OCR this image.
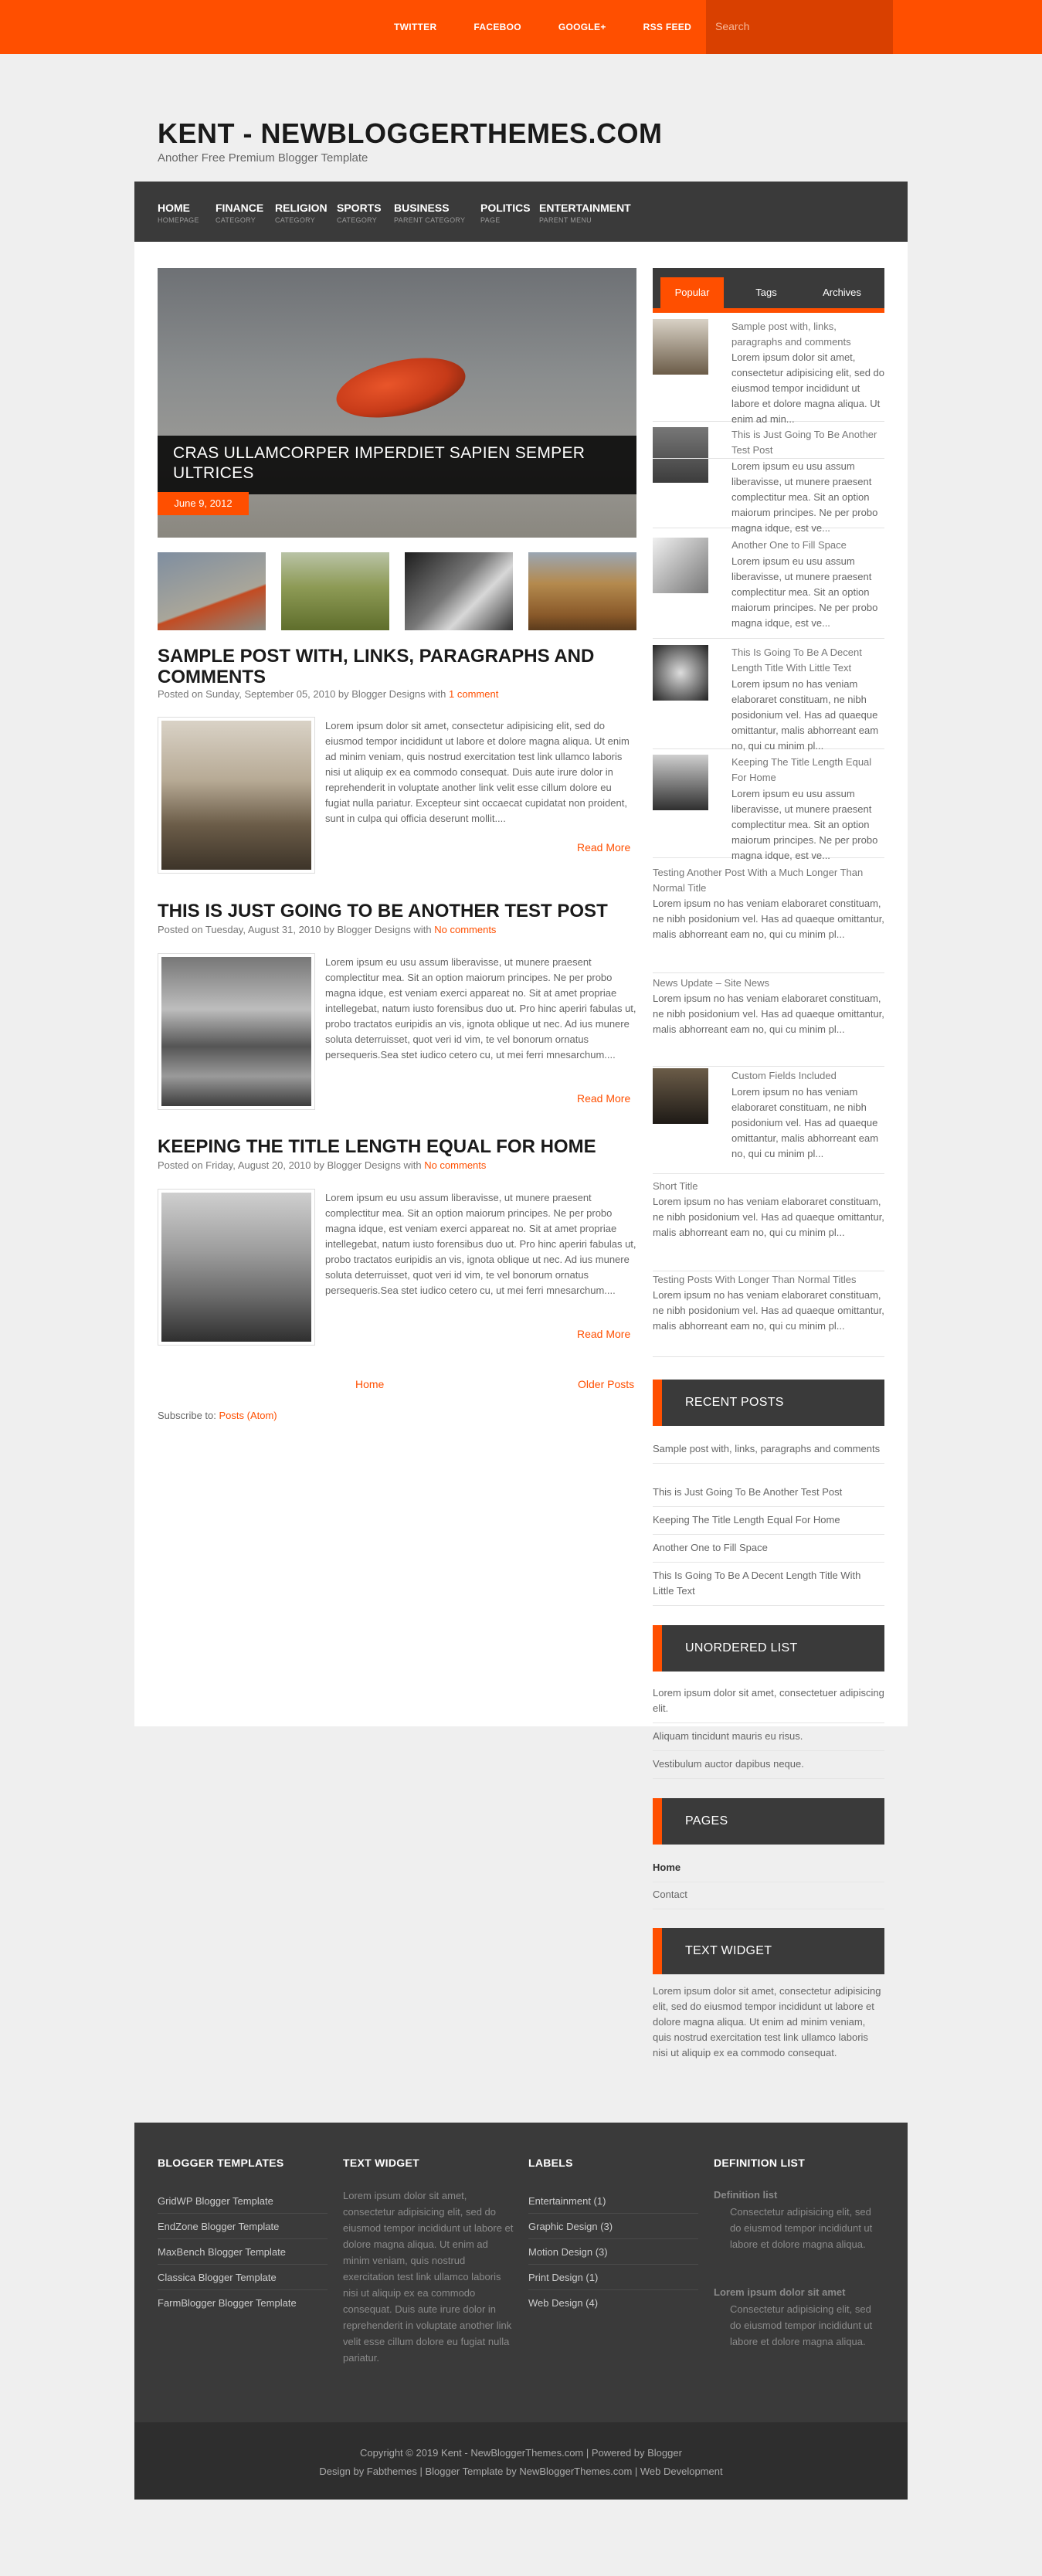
TWITTER	FACEBOO	GOOGLE+	RSS FEED	Search
KENT - NEWBLOGGERTHEMES.COM
Another Free Premium Blogger Template
HOME
HOMEPAGE
FINANCE
CATEGORY
RELIGION
CATEGORY
SPORTS
CATEGORY
BUSINESS
PARENT CATEGORY
POLITICS
PAGE
ENTERTAINMENT
PARENT MENU
CRAS ULLAMCORPER IMPERDIET SAPIEN SEMPER ULTRICES
June 9, 2012
SAMPLE POST WITH, LINKS, PARAGRAPHS AND COMMENTS
Posted on Sunday, September 05, 2010 by Blogger Designs with 1 comment
Lorem ipsum dolor sit amet, consectetur adipisicing elit, sed do eiusmod tempor incididunt ut labore et dolore magna aliqua. Ut enim ad minim veniam, quis nostrud exercitation test link ullamco laboris nisi ut aliquip ex ea commodo consequat. Duis aute irure dolor in reprehenderit in voluptate another link velit esse cillum dolore eu fugiat nulla pariatur. Excepteur sint occaecat cupidatat non proident, sunt in culpa qui officia deserunt mollit....
Read More
THIS IS JUST GOING TO BE ANOTHER TEST POST
Posted on Tuesday, August 31, 2010 by Blogger Designs with No comments
Lorem ipsum eu usu assum liberavisse, ut munere praesent complectitur mea. Sit an option maiorum principes. Ne per probo magna idque, est veniam exerci appareat no. Sit at amet propriae intellegebat, natum iusto forensibus duo ut. Pro hinc aperiri fabulas ut, probo tractatos euripidis an vis, ignota oblique ut nec. Ad ius munere soluta deterruisset, quot veri id vim, te vel bonorum ornatus persequeris.Sea stet iudico cetero cu, ut mei ferri mnesarchum....
Read More
KEEPING THE TITLE LENGTH EQUAL FOR HOME
Posted on Friday, August 20, 2010 by Blogger Designs with No comments
Lorem ipsum eu usu assum liberavisse, ut munere praesent complectitur mea. Sit an option maiorum principes. Ne per probo magna idque, est veniam exerci appareat no. Sit at amet propriae intellegebat, natum iusto forensibus duo ut. Pro hinc aperiri fabulas ut, probo tractatos euripidis an vis, ignota oblique ut nec. Ad ius munere soluta deterruisset, quot veri id vim, te vel bonorum ornatus persequeris.Sea stet iudico cetero cu, ut mei ferri mnesarchum....
Read More
Home	Older Posts
Subscribe to: Posts (Atom)
Popular	Tags	Archives
Sample post with, links, paragraphs and comments
Lorem ipsum dolor sit amet, consectetur adipisicing elit, sed do eiusmod tempor incididunt ut labore et dolore magna aliqua. Ut enim ad min...
This is Just Going To Be Another Test Post
Lorem ipsum eu usu assum liberavisse, ut munere praesent complectitur mea. Sit an option maiorum principes. Ne per probo magna idque, est ve...
Another One to Fill Space
Lorem ipsum eu usu assum liberavisse, ut munere praesent complectitur mea. Sit an option maiorum principes. Ne per probo magna idque, est ve...
This Is Going To Be A Decent Length Title With Little Text
Lorem ipsum no has veniam elaboraret constituam, ne nibh posidonium vel. Has ad quaeque omittantur, malis abhorreant eam no, qui cu minim pl...
Keeping The Title Length Equal For Home
Lorem ipsum eu usu assum liberavisse, ut munere praesent complectitur mea. Sit an option maiorum principes. Ne per probo magna idque, est ve...
Testing Another Post With a Much Longer Than Normal Title
Lorem ipsum no has veniam elaboraret constituam, ne nibh posidonium vel. Has ad quaeque omittantur, malis abhorreant eam no, qui cu minim pl...
News Update – Site News
Lorem ipsum no has veniam elaboraret constituam, ne nibh posidonium vel. Has ad quaeque omittantur, malis abhorreant eam no, qui cu minim pl...
Custom Fields Included
Lorem ipsum no has veniam elaboraret constituam, ne nibh posidonium vel. Has ad quaeque omittantur, malis abhorreant eam no, qui cu minim pl...
Short Title
Lorem ipsum no has veniam elaboraret constituam, ne nibh posidonium vel. Has ad quaeque omittantur, malis abhorreant eam no, qui cu minim pl...
Testing Posts With Longer Than Normal Titles
Lorem ipsum no has veniam elaboraret constituam, ne nibh posidonium vel. Has ad quaeque omittantur, malis abhorreant eam no, qui cu minim pl...
RECENT POSTS
Sample post with, links, paragraphs and comments
This is Just Going To Be Another Test Post
Keeping The Title Length Equal For Home
Another One to Fill Space
This Is Going To Be A Decent Length Title With Little Text
UNORDERED LIST
Lorem ipsum dolor sit amet, consectetuer adipiscing elit.
Aliquam tincidunt mauris eu risus.
Vestibulum auctor dapibus neque.
PAGES
Home
Contact
TEXT WIDGET
Lorem ipsum dolor sit amet, consectetur adipisicing elit, sed do eiusmod tempor incididunt ut labore et dolore magna aliqua. Ut enim ad minim veniam, quis nostrud exercitation test link ullamco laboris nisi ut aliquip ex ea commodo consequat.
BLOGGER TEMPLATES
GridWP Blogger Template
EndZone Blogger Template
MaxBench Blogger Template
Classica Blogger Template
FarmBlogger Blogger Template
TEXT WIDGET
Lorem ipsum dolor sit amet, consectetur adipisicing elit, sed do eiusmod tempor incididunt ut labore et dolore magna aliqua. Ut enim ad minim veniam, quis nostrud exercitation test link ullamco laboris nisi ut aliquip ex ea commodo consequat. Duis aute irure dolor in reprehenderit in voluptate another link velit esse cillum dolore eu fugiat nulla pariatur.
LABELS
Entertainment (1)
Graphic Design (3)
Motion Design (3)
Print Design (1)
Web Design (4)
DEFINITION LIST
Definition list
Consectetur adipisicing elit, sed do eiusmod tempor incididunt ut labore et dolore magna aliqua.
Lorem ipsum dolor sit amet
Consectetur adipisicing elit, sed do eiusmod tempor incididunt ut labore et dolore magna aliqua.
Copyright © 2019 Kent - NewBloggerThemes.com | Powered by Blogger
Design by Fabthemes | Blogger Template by NewBloggerThemes.com | Web Development
